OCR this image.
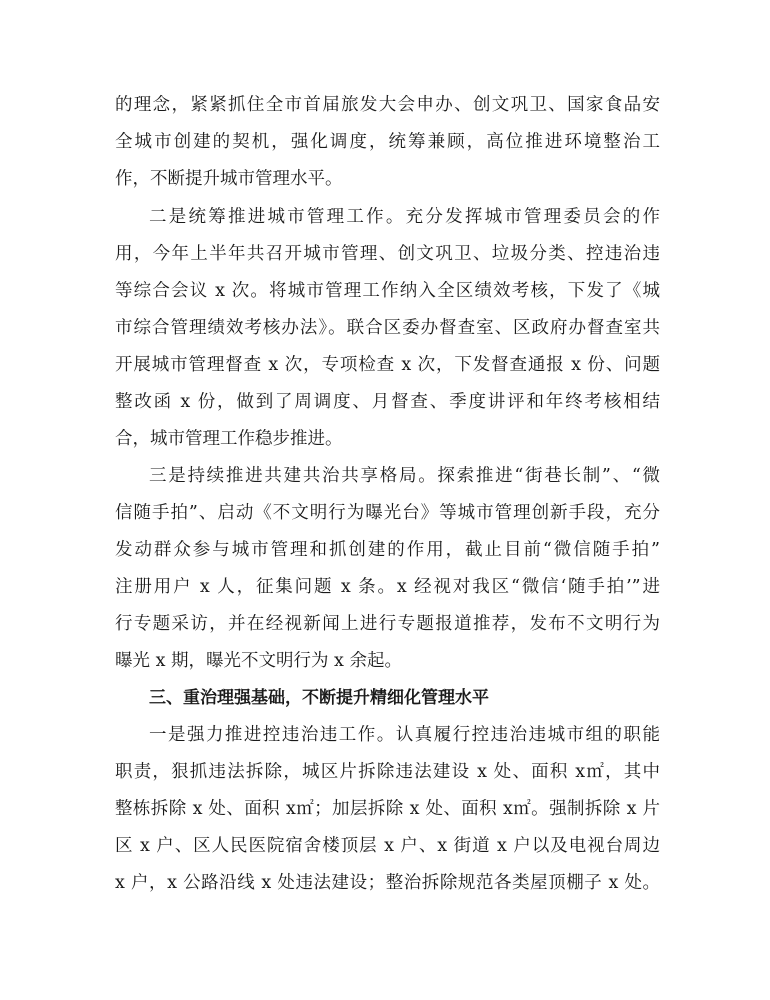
的理念，紧紧抓住全市首届旅发大会申办、创文巩卫、国家食品安
全城市创建的契机，强化调度，统筹兼顾，高位推进环境整治工
作，不断提升城市管理水平。
二是统筹推进城市管理工作。充分发挥城市管理委员会的作
用，今年上半年共召开城市管理、创文巩卫、垃圾分类、控违治违
等综合会议 x 次。将城市管理工作纳入全区绩效考核，下发了《城
市综合管理绩效考核办法》。联合区委办督查室、区政府办督查室共
开展城市管理督查 x 次，专项检查 x 次，下发督查通报 x 份、问题
整改函 x 份，做到了周调度、月督查、季度讲评和年终考核相结
合，城市管理工作稳步推进。
三是持续推进共建共治共享格局。探索推进“街巷长制”、“微
信随手拍”、启动《不文明行为曝光台》等城市管理创新手段，充分
发动群众参与城市管理和抓创建的作用，截止目前“微信随手拍”
注册用户 x 人，征集问题 x 条。x 经视对我区“微信‘随手拍’”进
行专题采访，并在经视新闻上进行专题报道推荐，发布不文明行为
曝光 x 期，曝光不文明行为 x 余起。
三、重治理强基础，不断提升精细化管理水平
一是强力推进控违治违工作。认真履行控违治违城市组的职能
职责，狠抓违法拆除，城区片拆除违法建设 x 处、面积 x㎡，其中
整栋拆除 x 处、面积 x㎡；加层拆除 x 处、面积 x㎡。强制拆除 x 片
区 x 户、区人民医院宿舍楼顶层 x 户、x 街道 x 户以及电视台周边
x 户，x 公路沿线 x 处违法建设；整治拆除规范各类屋顶棚子 x 处。
